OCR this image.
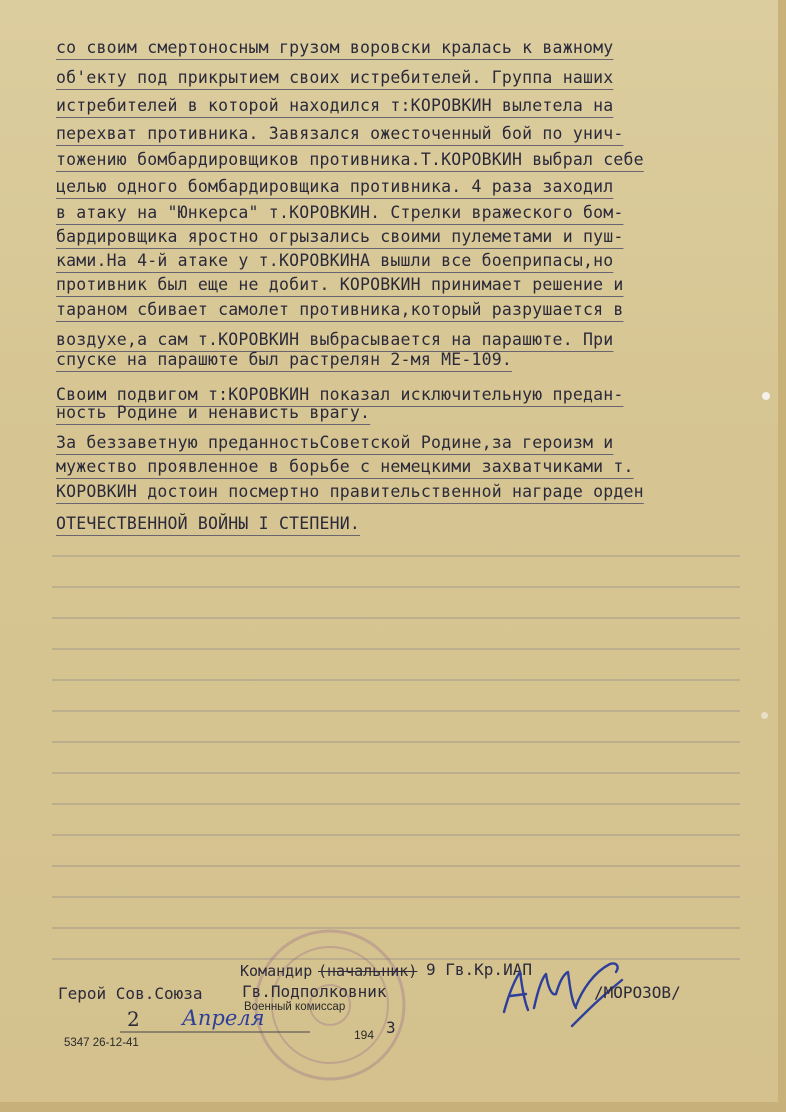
со своим смертоносным грузом воровски кралась к важному
об'екту под прикрытием своих истребителей. Группа наших
истребителей в которой находился т:КОРОВКИН вылетела на
перехват противника. Завязался ожесточенный бой по унич-
тожению бомбардировщиков противника.Т.КОРОВКИН выбрал себе
целью одного бомбардировщика противника. 4 раза заходил
в атаку на "Юнкерса" т.КОРОВКИН. Стрелки вражеского бом-
бардировщика яростно огрызались своими пулеметами и пуш-
ками.На 4-й атаке у т.КОРОВКИНА вышли все боеприпасы,но
противник был еще не добит. КОРОВКИН принимает решение и
тараном сбивает самолет противника,который разрушается в
воздухе,а сам т.КОРОВКИН выбрасывается на парашюте. При
спуске на парашюте был растрелян 2-мя МЕ-109.
Своим подвигом т:КОРОВКИН показал исключительную предан-
ность Родине и ненависть врагу.
За беззаветную преданностьСоветской Родине,за героизм и
мужество проявленное в борьбе с немецкими захватчиками т.
КОРОВКИН достоин посмертно правительственной награде орден
ОТЕЧЕСТВЕННОЙ ВОЙНЫ I СТЕПЕНИ.
Командир (начальник) 9 Гв.Кр.ИАП
Герой Сов.Союза Гв.Подполковник
Военный комиссар
/МОРОЗОВ/
2 Апреля
194 3
5347 26-12-41
